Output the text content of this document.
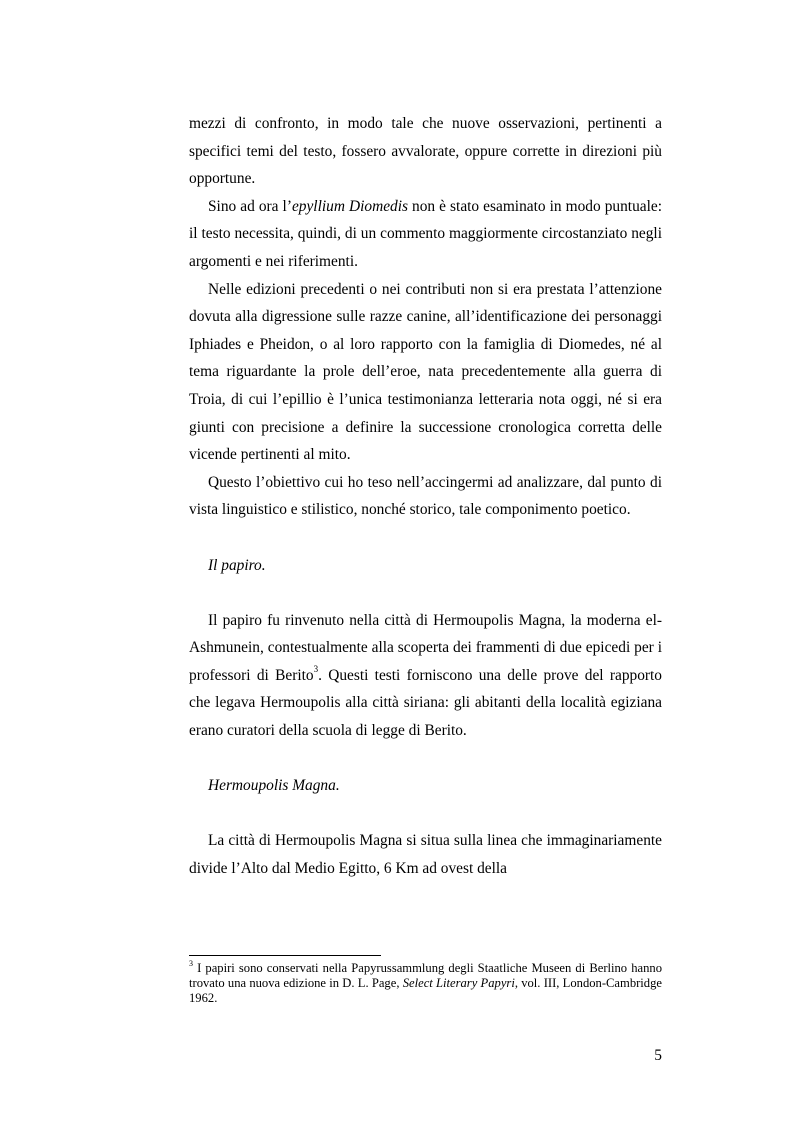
mezzi di confronto, in modo tale che nuove osservazioni, pertinenti a specifici temi del testo, fossero avvalorate, oppure corrette in direzioni più opportune.

Sino ad ora l’epyllium Diomedis non è stato esaminato in modo puntuale: il testo necessita, quindi, di un commento maggiormente circostanziato negli argomenti e nei riferimenti.

Nelle edizioni precedenti o nei contributi non si era prestata l’attenzione dovuta alla digressione sulle razze canine, all’identificazione dei personaggi Iphiades e Pheidon, o al loro rapporto con la famiglia di Diomedes, né al tema riguardante la prole dell’eroe, nata precedentemente alla guerra di Troia, di cui l’epillio è l’unica testimonianza letteraria nota oggi, né si era giunti con precisione a definire la successione cronologica corretta delle vicende pertinenti al mito.

Questo l’obiettivo cui ho teso nell’accingermi ad analizzare, dal punto di vista linguistico e stilistico, nonché storico, tale componimento poetico.

Il papiro.

Il papiro fu rinvenuto nella città di Hermoupolis Magna, la moderna el-Ashmunein, contestualmente alla scoperta dei frammenti di due epicedi per i professori di Berito$^3$. Questi testi forniscono una delle prove del rapporto che legava Hermoupolis alla città siriana: gli abitanti della località egiziana erano curatori della scuola di legge di Berito.

Hermoupolis Magna.

La città di Hermoupolis Magna si situa sulla linea che immaginariamente divide l’Alto dal Medio Egitto, 6 Km ad ovest della

$^3$ I papiri sono conservati nella Papyrussammlung degli Staatliche Museen di Berlino hanno trovato una nuova edizione in D. L. Page, Select Literary Papyri, vol. III, London-Cambridge 1962.
5
